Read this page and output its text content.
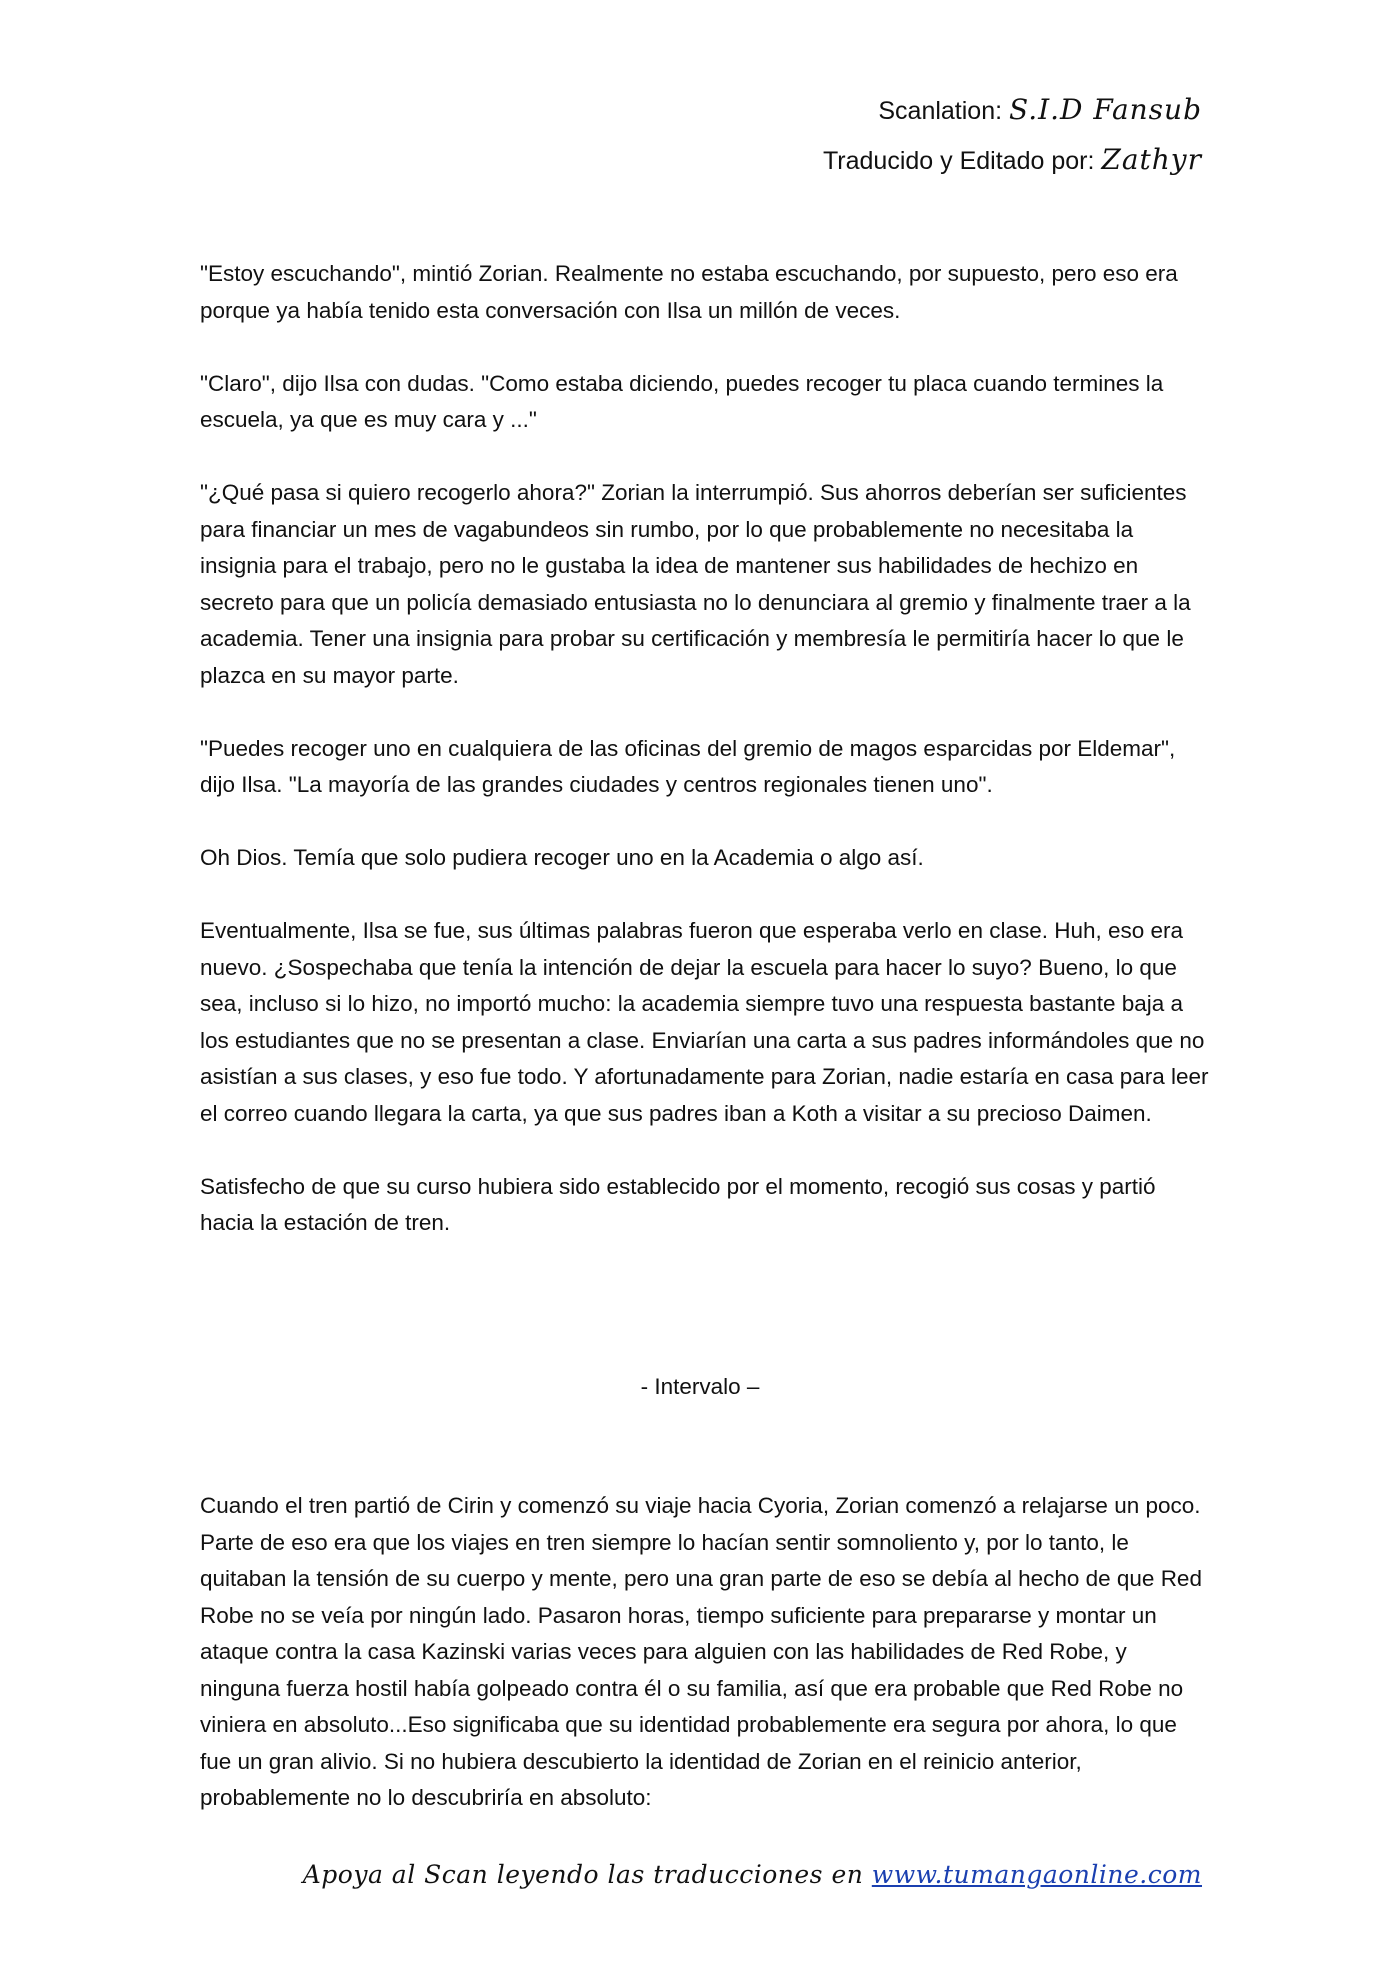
Scanlation: S.I.D Fansub
Traducido y Editado por: Zathyr

"Estoy escuchando", mintió Zorian. Realmente no estaba escuchando, por supuesto, pero eso era porque ya había tenido esta conversación con Ilsa un millón de veces.

"Claro", dijo Ilsa con dudas. "Como estaba diciendo, puedes recoger tu placa cuando termines la escuela, ya que es muy cara y ..."

"¿Qué pasa si quiero recogerlo ahora?" Zorian la interrumpió. Sus ahorros deberían ser suficientes para financiar un mes de vagabundeos sin rumbo, por lo que probablemente no necesitaba la insignia para el trabajo, pero no le gustaba la idea de mantener sus habilidades de hechizo en secreto para que un policía demasiado entusiasta no lo denunciara al gremio y finalmente traer a la academia. Tener una insignia para probar su certificación y membresía le permitiría hacer lo que le plazca en su mayor parte.

"Puedes recoger uno en cualquiera de las oficinas del gremio de magos esparcidas por Eldemar", dijo Ilsa. "La mayoría de las grandes ciudades y centros regionales tienen uno".

Oh Dios. Temía que solo pudiera recoger uno en la Academia o algo así.

Eventualmente, Ilsa se fue, sus últimas palabras fueron que esperaba verlo en clase. Huh, eso era nuevo. ¿Sospechaba que tenía la intención de dejar la escuela para hacer lo suyo? Bueno, lo que sea, incluso si lo hizo, no importó mucho: la academia siempre tuvo una respuesta bastante baja a los estudiantes que no se presentan a clase. Enviarían una carta a sus padres informándoles que no asistían a sus clases, y eso fue todo. Y afortunadamente para Zorian, nadie estaría en casa para leer el correo cuando llegara la carta, ya que sus padres iban a Koth a visitar a su precioso Daimen.

Satisfecho de que su curso hubiera sido establecido por el momento, recogió sus cosas y partió hacia la estación de tren.

- Intervalo –

Cuando el tren partió de Cirin y comenzó su viaje hacia Cyoria, Zorian comenzó a relajarse un poco. Parte de eso era que los viajes en tren siempre lo hacían sentir somnoliento y, por lo tanto, le quitaban la tensión de su cuerpo y mente, pero una gran parte de eso se debía al hecho de que Red Robe no se veía por ningún lado. Pasaron horas, tiempo suficiente para prepararse y montar un ataque contra la casa Kazinski varias veces para alguien con las habilidades de Red Robe, y ninguna fuerza hostil había golpeado contra él o su familia, así que era probable que Red Robe no viniera en absoluto...Eso significaba que su identidad probablemente era segura por ahora, lo que fue un gran alivio. Si no hubiera descubierto la identidad de Zorian en el reinicio anterior, probablemente no lo descubriría en absoluto:

Apoya al Scan leyendo las traducciones en www.tumangaonline.com
